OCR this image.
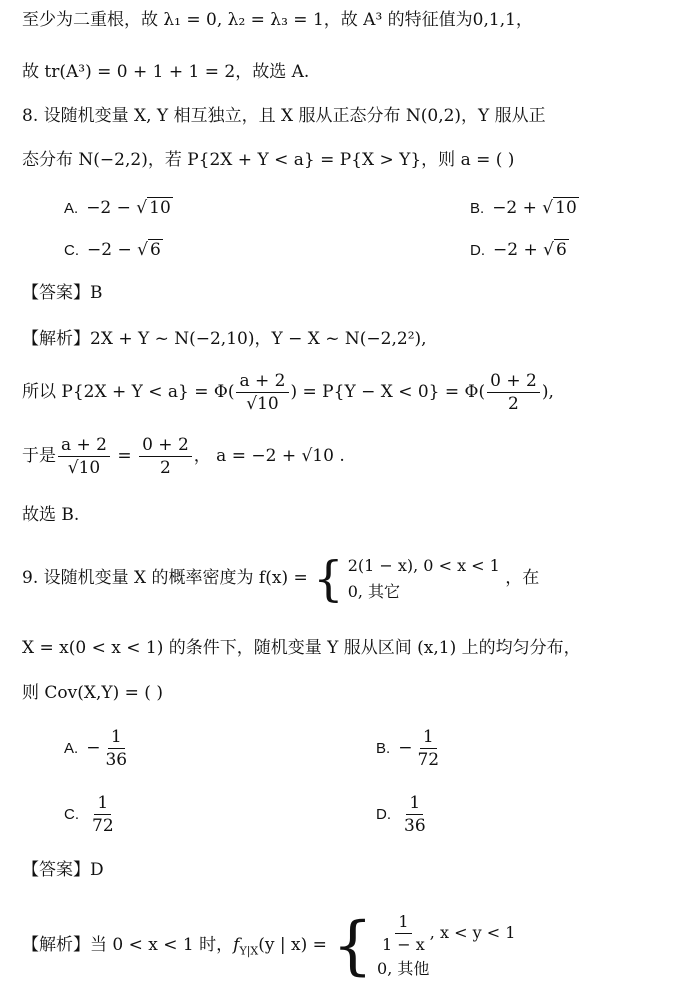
至少为二重根，故 λ₁ = 0, λ₂ = λ₃ = 1，故 A³ 的特征值为0,1,1，
故 tr(A³) = 0 + 1 + 1 = 2，故选 A.
8. 设随机变量 X, Y 相互独立，且 X 服从正态分布 N(0,2)，Y 服从正
态分布 N(−2,2)，若 P{2X + Y < a} = P{X > Y}，则 a = ( )
A. −2 − √ 10	B. −2 + √ 10
C. −2 − √ 6	D. −2 + √ 6
【答案】B
【解析】2X + Y ~ N(−2,10)，Y − X ~ N(−2,2²),
所以 $P\{2X + Y < a\} = \Phi( \frac{a + 2}{√10}$ ) = $P\{Y - X < 0\} = \Phi( \frac{0 + 2}{2}$ ),
于是 $\frac{a + 2}{√10} = \frac{0 + 2}{2}$ ， a = −2 + √10 .
故选 B.
9. 设随机变量 X 的概率密度为 f(x) = { 2(1 − x), 0 < x < 1
0, 其它
，在
X = x(0 < x < 1) 的条件下，随机变量 Y 服从区间 (x,1) 上的均匀分布，
则 Cov(X,Y) = ( )
A. − $\frac{1}{36}$	B. − $\frac{1}{72}$
C. $\frac{1}{72}$	D. $\frac{1}{36}$
【答案】D
【解析】当 0 < x < 1 时，$f_{Y|X}(y$ | x) = { $\frac{1}{1 - x}$ , x < y < 1
0, 其他
